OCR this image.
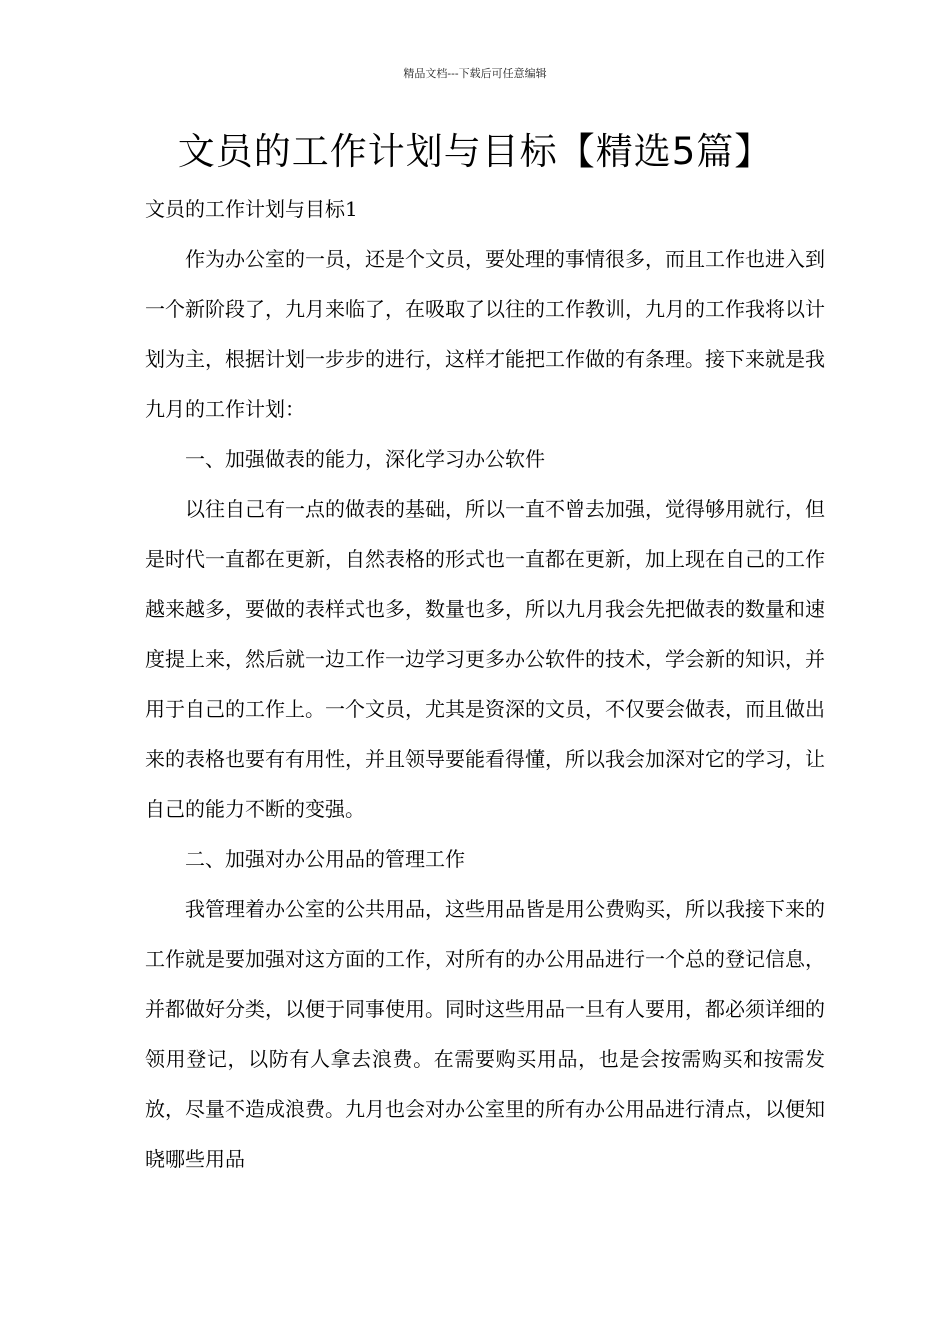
精品文档---下载后可任意编辑
文员的工作计划与目标【精选5篇】

文员的工作计划与目标1

作为办公室的一员，还是个文员，要处理的事情很多，而且工作也进入到一个新阶段了，九月来临了，在吸取了以往的工作教训，九月的工作我将以计划为主，根据计划一步步的进行，这样才能把工作做的有条理。接下来就是我九月的工作计划：

一、加强做表的能力，深化学习办公软件

以往自己有一点的做表的基础，所以一直不曾去加强，觉得够用就行，但是时代一直都在更新，自然表格的形式也一直都在更新，加上现在自己的工作越来越多，要做的表样式也多，数量也多，所以九月我会先把做表的数量和速度提上来，然后就一边工作一边学习更多办公软件的技术，学会新的知识，并用于自己的工作上。一个文员，尤其是资深的文员，不仅要会做表，而且做出来的表格也要有有用性，并且领导要能看得懂，所以我会加深对它的学习，让自己的能力不断的变强。

二、加强对办公用品的管理工作

我管理着办公室的公共用品，这些用品皆是用公费购买，所以我接下来的工作就是要加强对这方面的工作，对所有的办公用品进行一个总的登记信息，并都做好分类，以便于同事使用。同时这些用品一旦有人要用，都必须详细的领用登记，以防有人拿去浪费。在需要购买用品，也是会按需购买和按需发放，尽量不造成浪费。九月也会对办公室里的所有办公用品进行清点，以便知晓哪些用品
